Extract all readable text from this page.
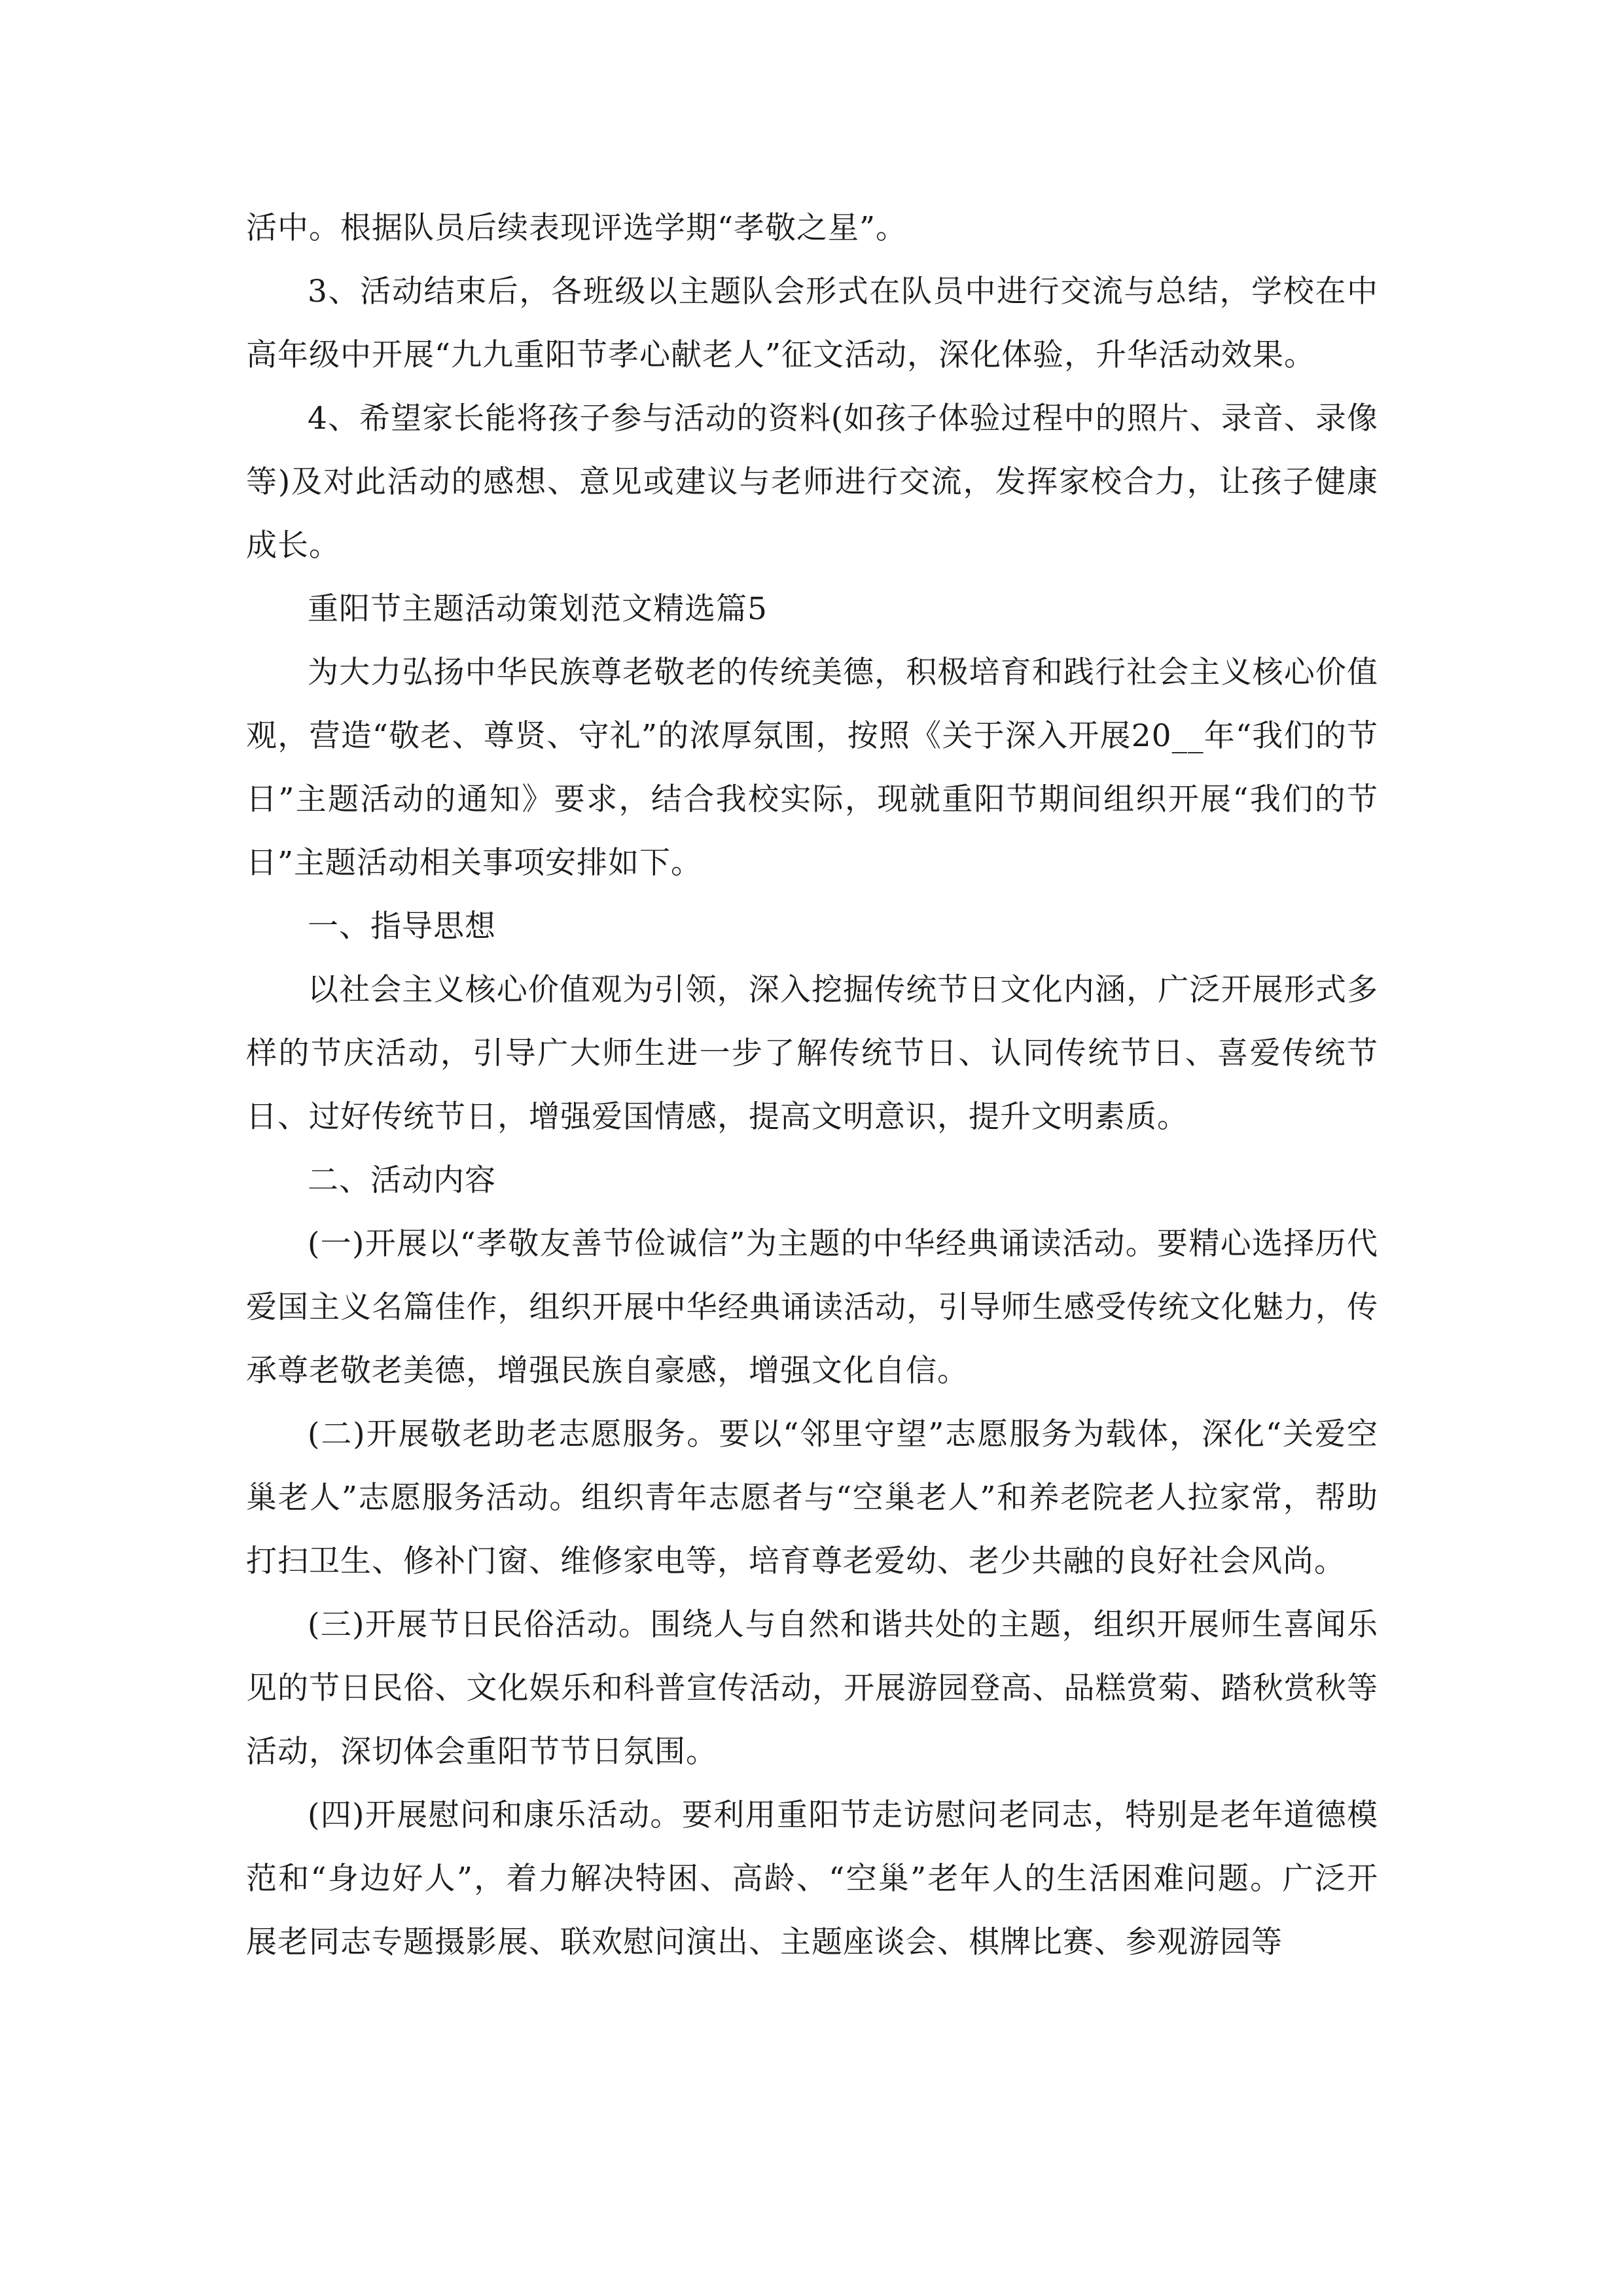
活中。根据队员后续表现评选学期“孝敬之星”。

3、活动结束后，各班级以主题队会形式在队员中进行交流与总结，学校在中高年级中开展“九九重阳节孝心献老人”征文活动，深化体验，升华活动效果。

4、希望家长能将孩子参与活动的资料(如孩子体验过程中的照片、录音、录像等)及对此活动的感想、意见或建议与老师进行交流，发挥家校合力，让孩子健康成长。

重阳节主题活动策划范文精选篇5

为大力弘扬中华民族尊老敬老的传统美德，积极培育和践行社会主义核心价值观，营造“敬老、尊贤、守礼”的浓厚氛围，按照《关于深入开展20__年“我们的节日”主题活动的通知》要求，结合我校实际，现就重阳节期间组织开展“我们的节日”主题活动相关事项安排如下。

一、指导思想

以社会主义核心价值观为引领，深入挖掘传统节日文化内涵，广泛开展形式多样的节庆活动，引导广大师生进一步了解传统节日、认同传统节日、喜爱传统节日、过好传统节日，增强爱国情感，提高文明意识，提升文明素质。

二、活动内容

(一)开展以“孝敬友善节俭诚信”为主题的中华经典诵读活动。要精心选择历代爱国主义名篇佳作，组织开展中华经典诵读活动，引导师生感受传统文化魅力，传承尊老敬老美德，增强民族自豪感，增强文化自信。

(二)开展敬老助老志愿服务。要以“邻里守望”志愿服务为载体，深化“关爱空巢老人”志愿服务活动。组织青年志愿者与“空巢老人”和养老院老人拉家常，帮助打扫卫生、修补门窗、维修家电等，培育尊老爱幼、老少共融的良好社会风尚。

(三)开展节日民俗活动。围绕人与自然和谐共处的主题，组织开展师生喜闻乐见的节日民俗、文化娱乐和科普宣传活动，开展游园登高、品糕赏菊、踏秋赏秋等活动，深切体会重阳节节日氛围。

(四)开展慰问和康乐活动。要利用重阳节走访慰问老同志，特别是老年道德模范和“身边好人”，着力解决特困、高龄、“空巢”老年人的生活困难问题。广泛开展老同志专题摄影展、联欢慰问演出、主题座谈会、棋牌比赛、参观游园等
